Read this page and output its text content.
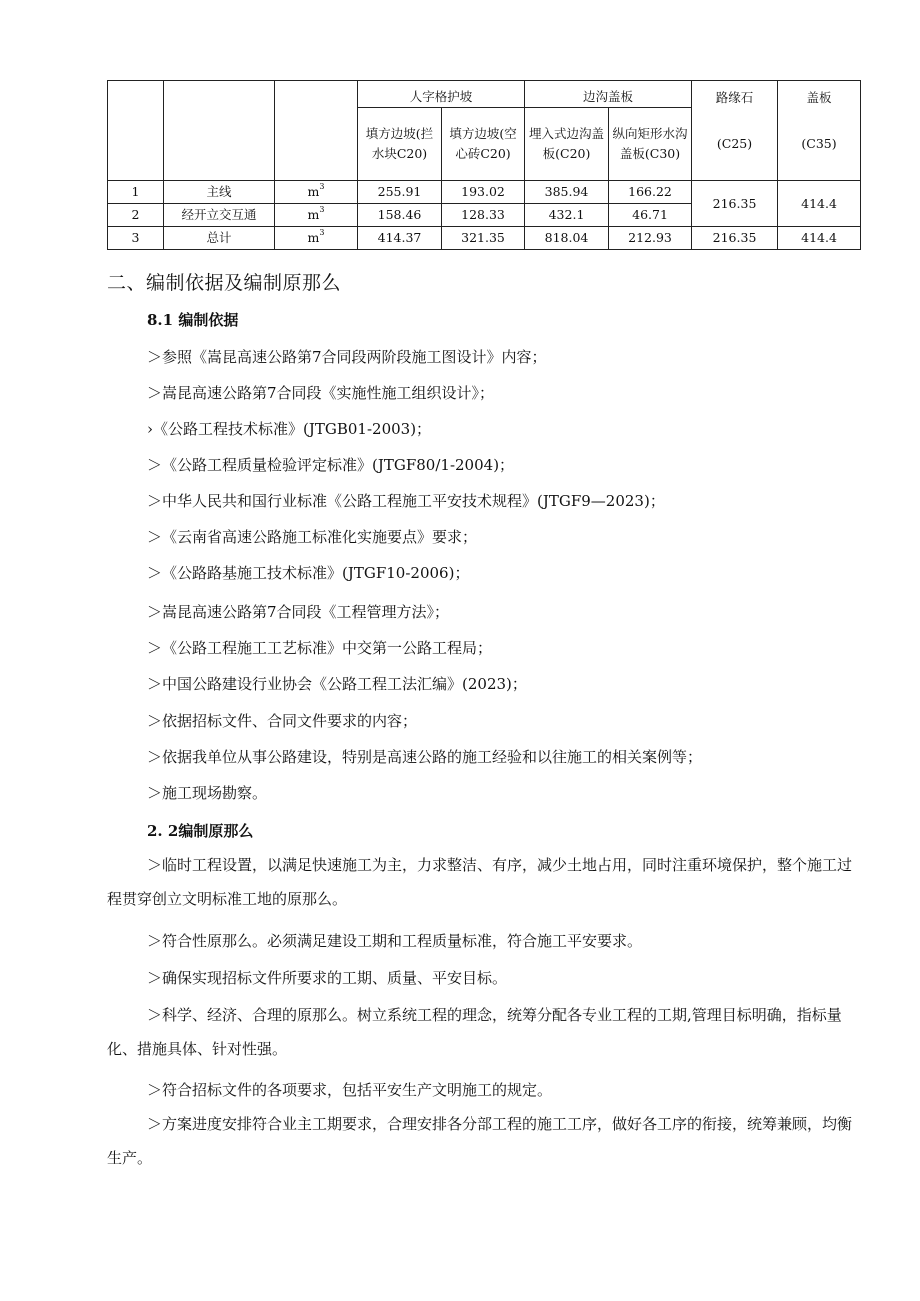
			人字格护坡		边沟盖板		路缘石	盖板
			填方边坡(拦水块C20)	填方边坡(空心砖C20)	埋入式边沟盖板(C20)	纵向矩形水沟盖板(C30)	(C25)	(C35)
1	主线	$m^3$	255.91	193.02	385.94	166.22	216.35	414.4
2	经开立交互通	$m^3$	158.46	128.33	432.1	46.71		
3	总计	$m^3$	414.37	321.35	818.04	212.93	216.35	414.4
二、编制依据及编制原那么
8.1 编制依据
＞参照《嵩昆高速公路第7合同段两阶段施工图设计》内容；
＞嵩昆高速公路第7合同段《实施性施工组织设计》；
›《公路工程技术标准》(JTGB01-2003)；
＞《公路工程质量检验评定标准》(JTGF80/1-2004)；
＞中华人民共和国行业标准《公路工程施工平安技术规程》(JTGF9—2023)；
＞《云南省高速公路施工标准化实施要点》要求；
＞《公路路基施工技术标准》(JTGF10-2006)；
＞嵩昆高速公路第7合同段《工程管理方法》；
＞《公路工程施工工艺标准》中交第一公路工程局；
＞中国公路建设行业协会《公路工程工法汇编》(2023)；
＞依据招标文件、合同文件要求的内容；
＞依据我单位从事公路建设，特别是高速公路的施工经验和以往施工的相关案例等；
＞施工现场勘察。
2. 2编制原那么
＞临时工程设置，以满足快速施工为主，力求整洁、有序，减少土地占用，同时注重环境保护，整个施工过程贯穿创立文明标准工地的原那么。
＞符合性原那么。必须满足建设工期和工程质量标准，符合施工平安要求。
＞确保实现招标文件所要求的工期、质量、平安目标。
＞科学、经济、合理的原那么。树立系统工程的理念，统筹分配各专业工程的工期,管理目标明确，指标量化、措施具体、针对性强。
＞符合招标文件的各项要求，包括平安生产文明施工的规定。
＞方案进度安排符合业主工期要求，合理安排各分部工程的施工工序，做好各工序的衔接，统筹兼顾，均衡生产。
